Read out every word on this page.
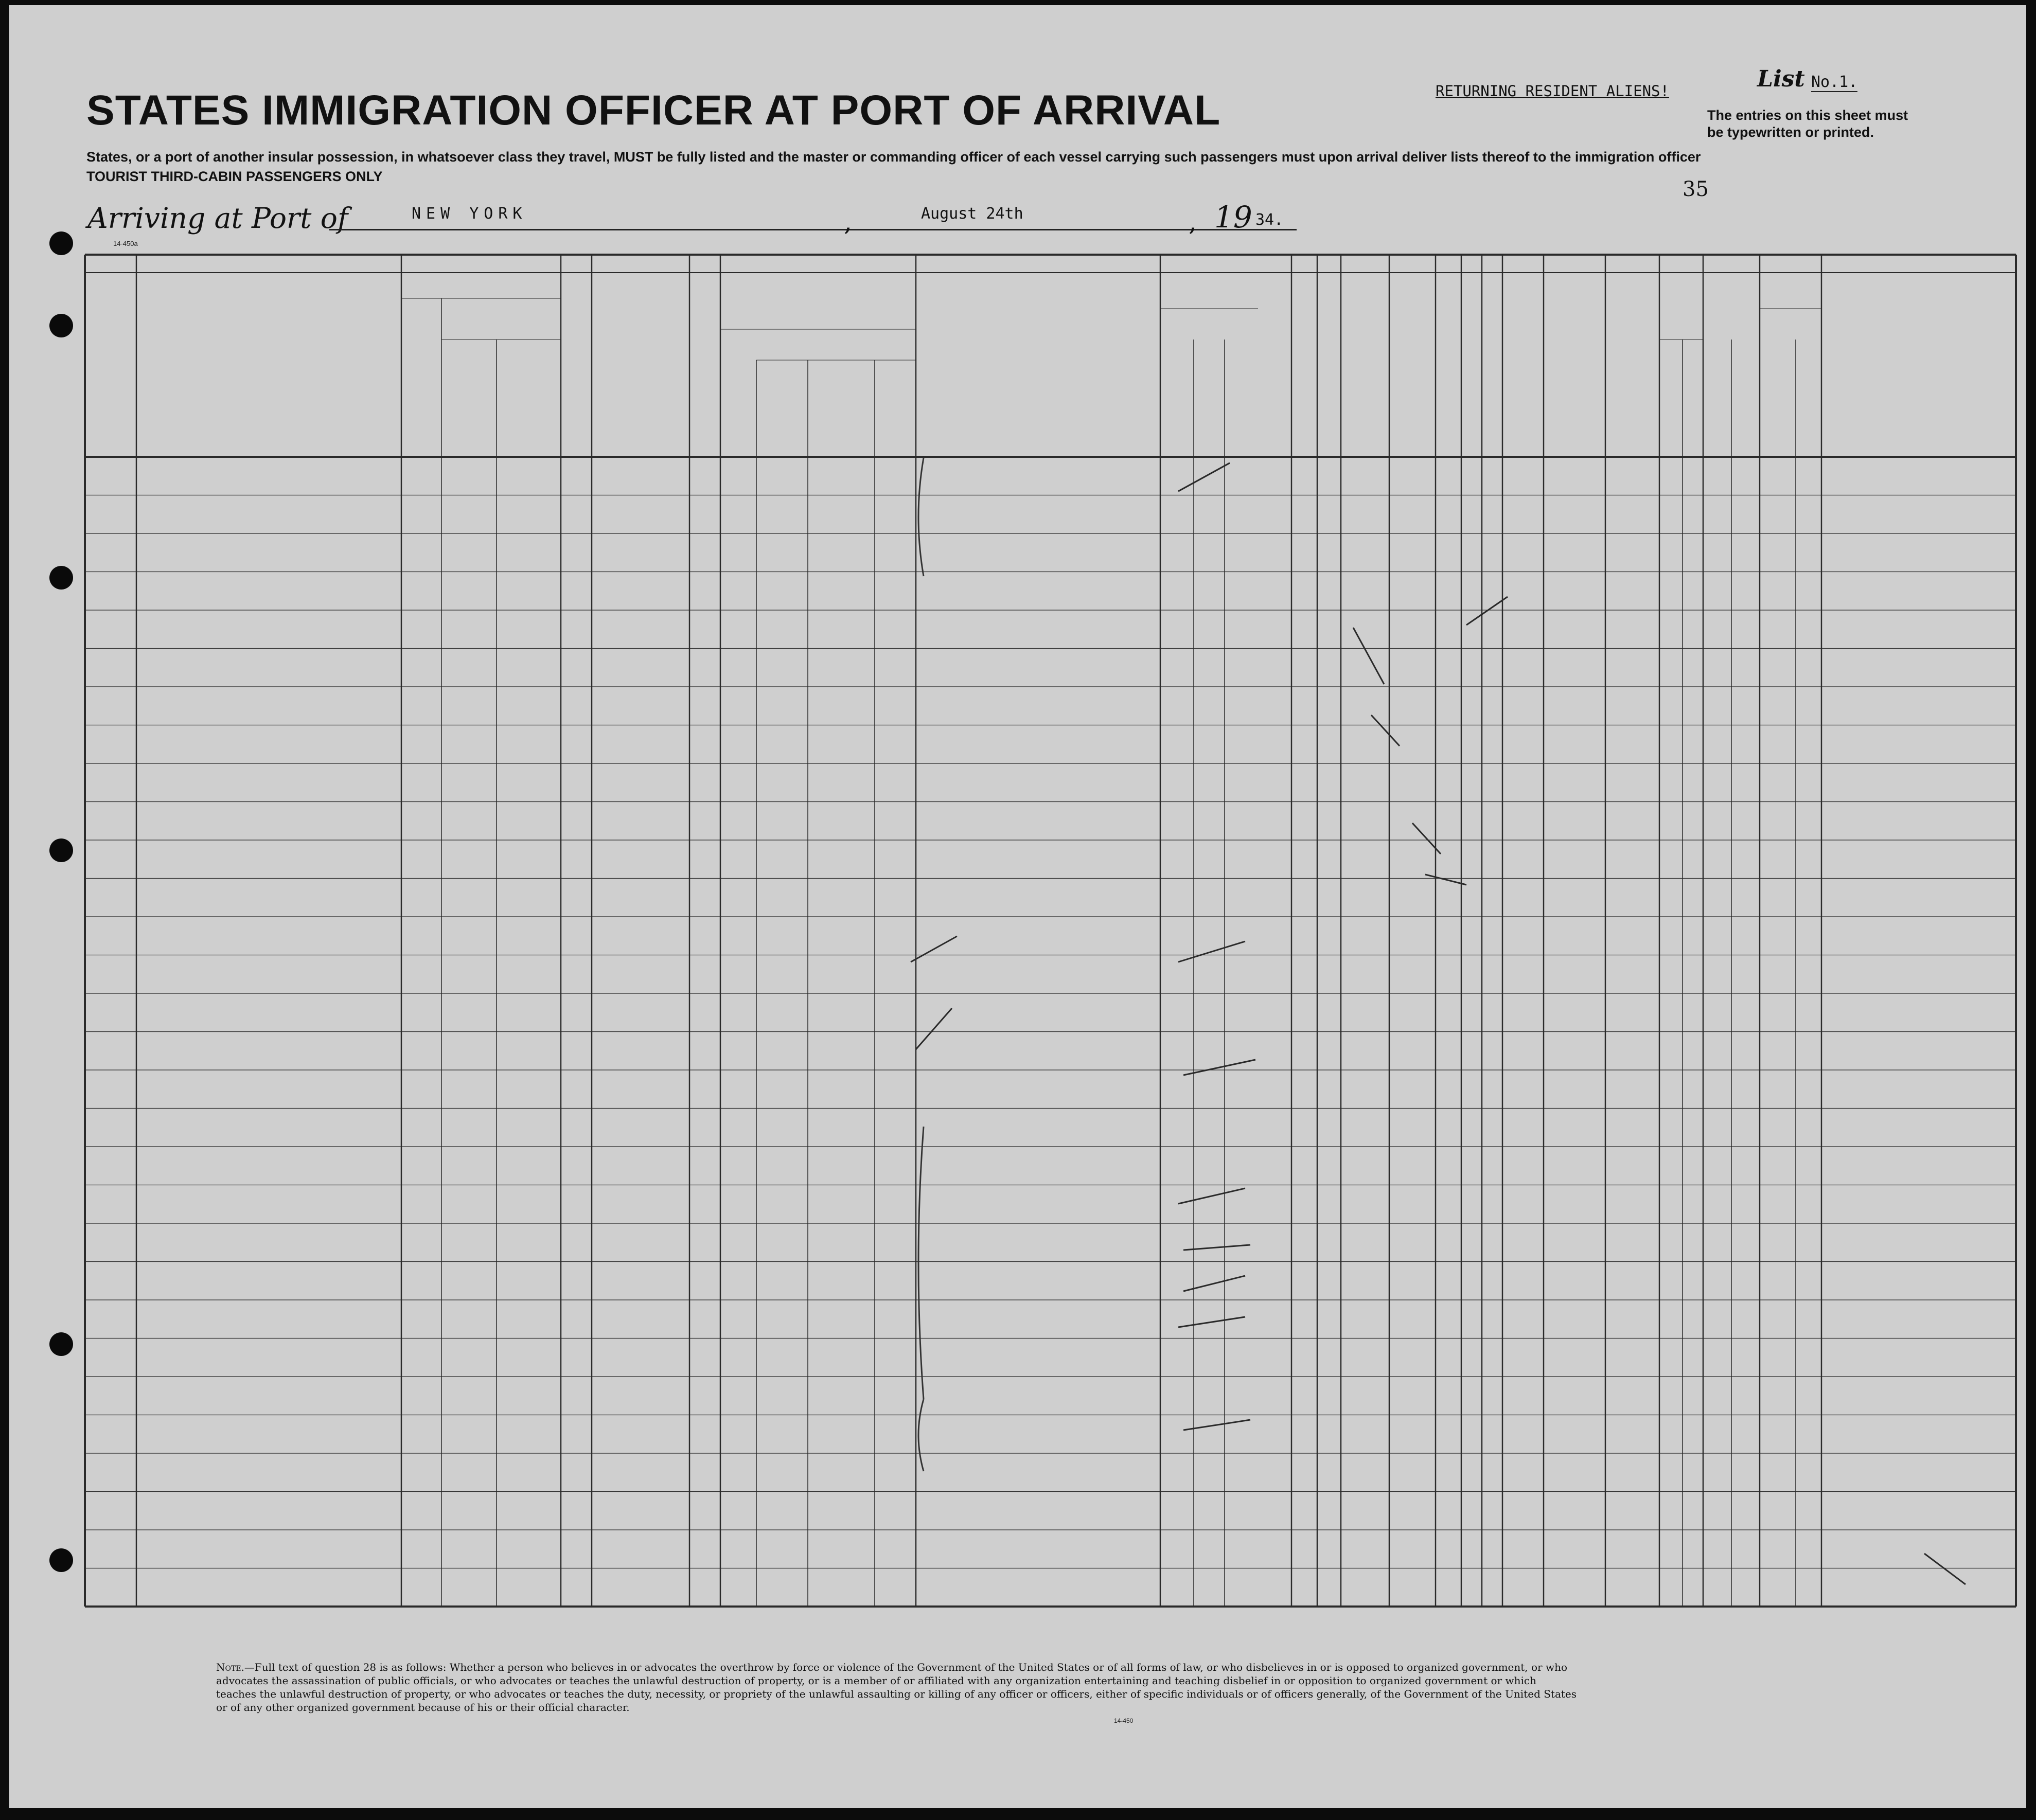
STATES IMMIGRATION OFFICER AT PORT OF ARRIVAL
States, or a port of another insular possession, in whatsoever class they travel, MUST be fully listed and the master or commanding officer of each vessel carrying such passengers must upon arrival deliver lists thereof to the immigration officer
TOURIST THIRD-CABIN PASSENGERS ONLY
RETURNING RESIDENT ALIENS!	List No.1.
The entries on this sheet must be typewritten or printed.
35
Arriving at Port of	NEW YORK	,	August 24th	, 19 34.
14-450a
Note.—Full text of question 28 is as follows: Whether a person who believes in or advocates the overthrow by force or violence of the Government of the United States or of all forms of law, or who disbelieves in or is opposed to organized government, or who advocates the assassination of public officials, or who advocates or teaches the unlawful destruction of property, or is a member of or affiliated with any organization entertaining and teaching disbelief in or opposition to organized government or which teaches the unlawful destruction of property, or who advocates or teaches the duty, necessity, or propriety of the unlawful assaulting or killing of any officer or officers, either of specific individuals or of officers generally, of the Government of the United States or of any other organized government because of his or their official character.
14-450
